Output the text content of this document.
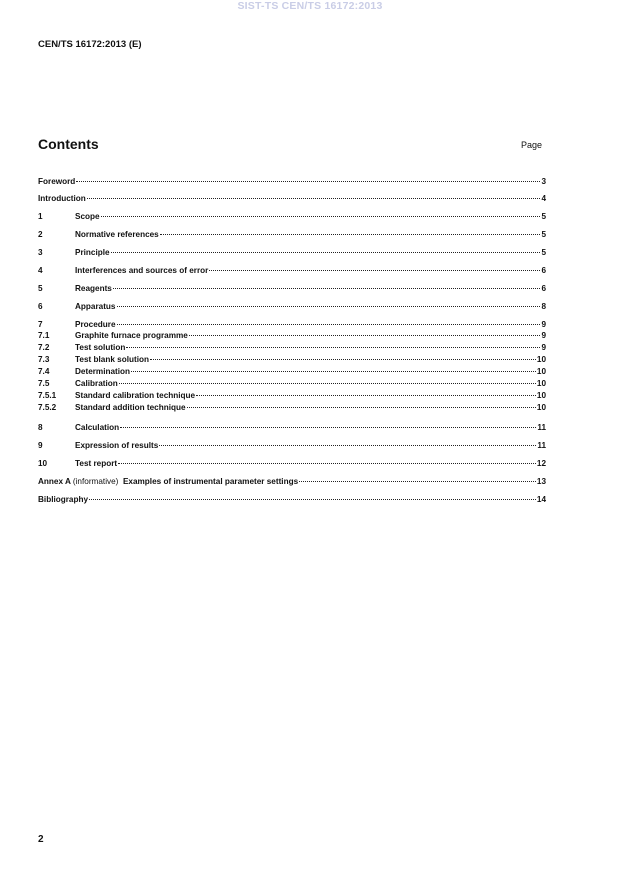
SIST-TS CEN/TS 16172:2013
CEN/TS 16172:2013 (E)
Contents	Page
Foreword	3
Introduction	4
1	Scope	5
2	Normative references	5
3	Principle	5
4	Interferences and sources of error	6
5	Reagents	6
6	Apparatus	8
7	Procedure	9
7.1	Graphite furnace programme	9
7.2	Test solution	9
7.3	Test blank solution	10
7.4	Determination	10
7.5	Calibration	10
7.5.1	Standard calibration technique	10
7.5.2	Standard addition technique	10
8	Calculation	11
9	Expression of results	11
10	Test report	12
Annex A (informative) Examples of instrumental parameter settings	13
Bibliography	14
2
